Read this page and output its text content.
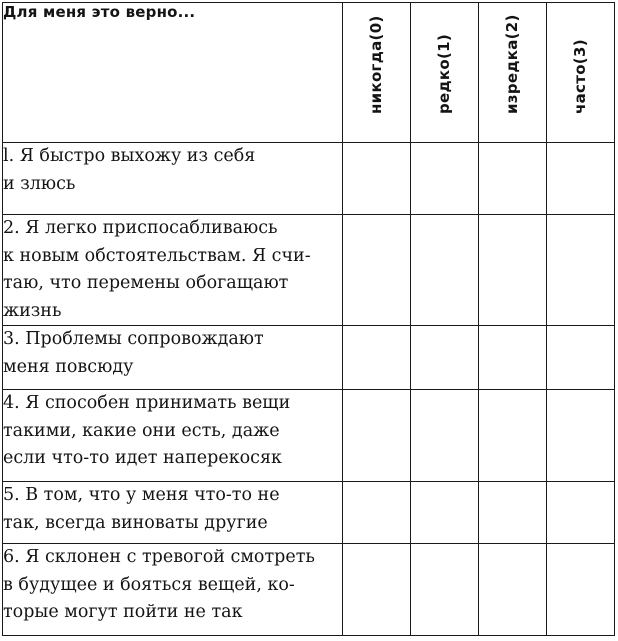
Для меня это верно...	никогда(0)	редко(1)	изредка(2)	часто(3)

l. Я быстро выхожу из себя
и злюсь				

2. Я легко приспосабливаюсь
к новым обстоятельствам. Я счи-
таю, что перемены обогащают
жизнь				

3. Проблемы сопровождают
меня повсюду				

4. Я способен принимать вещи
такими, какие они есть, даже
если что-то идет наперекосяк				

5. В том, что у меня что-то не
так, всегда виноваты другие				

6. Я склонен с тревогой смотреть
в будущее и бояться вещей, ко-
торые могут пойти не так				
